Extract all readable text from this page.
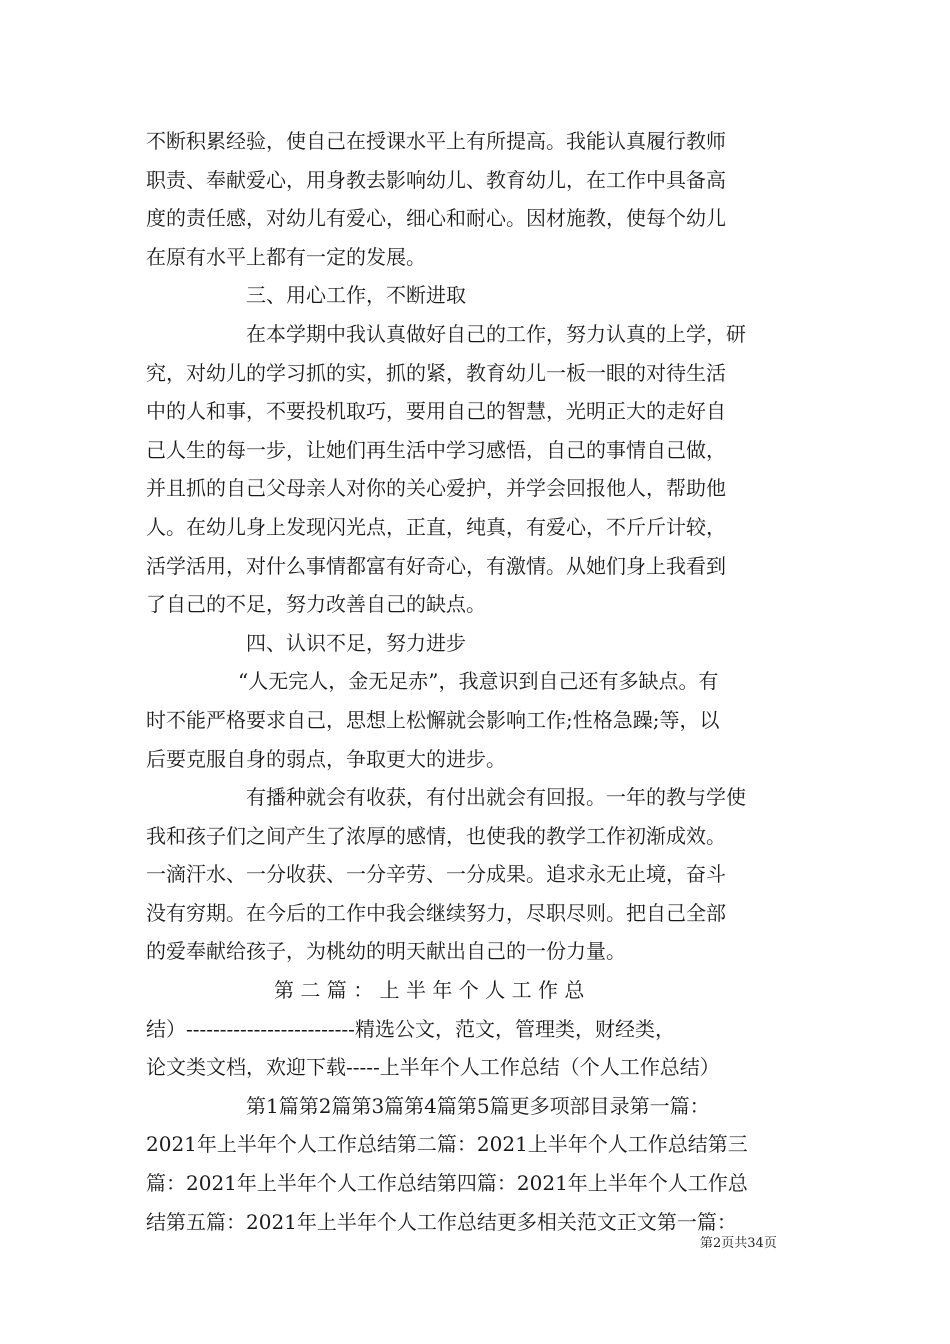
不断积累经验，使自己在授课水平上有所提高。我能认真履行教师
职责、奉献爱心，用身教去影响幼儿、教育幼儿，在工作中具备高
度的责任感，对幼儿有爱心，细心和耐心。因材施教，使每个幼儿
在原有水平上都有一定的发展。
三、用心工作，不断进取
在本学期中我认真做好自己的工作，努力认真的上学，研
究，对幼儿的学习抓的实，抓的紧，教育幼儿一板一眼的对待生活
中的人和事，不要投机取巧，要用自己的智慧，光明正大的走好自
己人生的每一步，让她们再生活中学习感悟，自己的事情自己做，
并且抓的自己父母亲人对你的关心爱护，并学会回报他人，帮助他
人。在幼儿身上发现闪光点，正直，纯真，有爱心，不斤斤计较，
活学活用，对什么事情都富有好奇心，有激情。从她们身上我看到
了自己的不足，努力改善自己的缺点。
四、认识不足，努力进步
“人无完人，金无足赤”，我意识到自己还有多缺点。有
时不能严格要求自己，思想上松懈就会影响工作;性格急躁;等，以
后要克服自身的弱点，争取更大的进步。
有播种就会有收获，有付出就会有回报。一年的教与学使
我和孩子们之间产生了浓厚的感情，也使我的教学工作初渐成效。
一滴汗水、一分收获、一分辛劳、一分成果。追求永无止境，奋斗
没有穷期。在今后的工作中我会继续努力，尽职尽则。把自己全部
的爱奉献给孩子，为桃幼的明天献出自己的一份力量。
第二篇：上半年个人工作总
结）-------------------------精选公文，范文，管理类，财经类，
论文类文档，欢迎下载-----上半年个人工作总结（个人工作总结）
第1篇第2篇第3篇第4篇第5篇更多项部目录第一篇：
2021年上半年个人工作总结第二篇：2021上半年个人工作总结第三
篇：2021年上半年个人工作总结第四篇：2021年上半年个人工作总
结第五篇：2021年上半年个人工作总结更多相关范文正文第一篇：
第2页共34页
